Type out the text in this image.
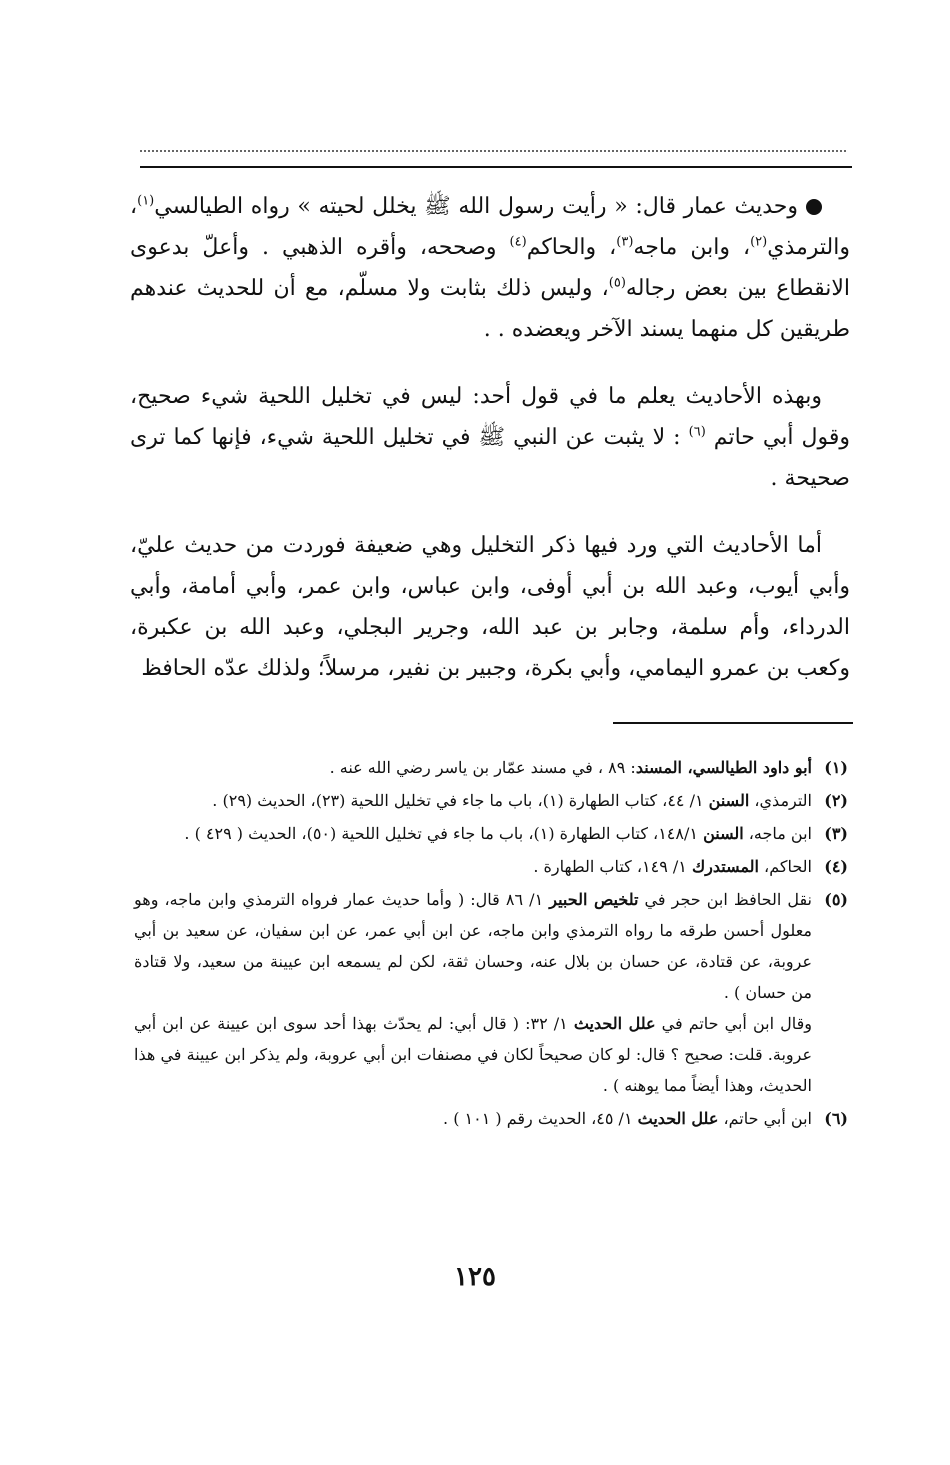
وحديث عمار قال: « رأيت رسول الله ﷺ يخلل لحيته » رواه الطيالسي$^{(١)}$، والترمذي$^{(٢)}$، وابن ماجه$^{(٣)}$، والحاكم$^{(٤)}$ وصححه، وأقره الذهبي . وأعلّ بدعوى الانقطاع بين بعض رجاله$^{(٥)}$، وليس ذلك بثابت ولا مسلّم، مع أن للحديث عندهم طريقين كل منهما يسند الآخر ويعضده . .

وبهذه الأحاديث يعلم ما في قول أحد: ليس في تخليل اللحية شيء صحيح، وقول أبي حاتم $^{(٦)}$ : لا يثبت عن النبي ﷺ في تخليل اللحية شيء، فإنها كما ترى صحيحة .

أما الأحاديث التي ورد فيها ذكر التخليل وهي ضعيفة فوردت من حديث عليّ، وأبي أيوب، وعبد الله بن أبي أوفى، وابن عباس، وابن عمر، وأبي أمامة، وأبي الدرداء، وأم سلمة، وجابر بن عبد الله، وجرير البجلي، وعبد الله بن عكبرة، وكعب بن عمرو اليمامي، وأبي بكرة، وجبير بن نفير، مرسلاً؛ ولذلك عدّه الحافظ

(١)
أبو داود الطيالسي، المسند: ٨٩ ، في مسند عمّار بن ياسر رضي الله عنه .
(٢)
الترمذي، السنن ١/ ٤٤، كتاب الطهارة (١)، باب ما جاء في تخليل اللحية (٢٣)، الحديث (٢٩) .
(٣)
ابن ماجه، السنن ١٤٨/١، كتاب الطهارة (١)، باب ما جاء في تخليل اللحية (٥٠)، الحديث ( ٤٢٩ ) .
(٤)
الحاكم، المستدرك ١/ ١٤٩، كتاب الطهارة .
(٥)
نقل الحافظ ابن حجر في تلخيص الحبير ١/ ٨٦ قال: ( وأما حديث عمار فرواه الترمذي وابن ماجه، وهو معلول أحسن طرقه ما رواه الترمذي وابن ماجه، عن ابن أبي عمر، عن ابن سفيان، عن سعيد بن أبي عروبة، عن قتادة، عن حسان بن بلال عنه، وحسان ثقة، لكن لم يسمعه ابن عيينة من سعيد، ولا قتادة من حسان ) .
وقال ابن أبي حاتم في علل الحديث ١/ ٣٢: ( قال أبي: لم يحدّث بهذا أحد سوى ابن عيينة عن ابن أبي عروبة. قلت: صحيح ؟ قال: لو كان صحيحاً لكان في مصنفات ابن أبي عروبة، ولم يذكر ابن عيينة في هذا الحديث، وهذا أيضاً مما يوهنه ) .
(٦)
ابن أبي حاتم، علل الحديث ١/ ٤٥، الحديث رقم ( ١٠١ ) .
١٢٥
